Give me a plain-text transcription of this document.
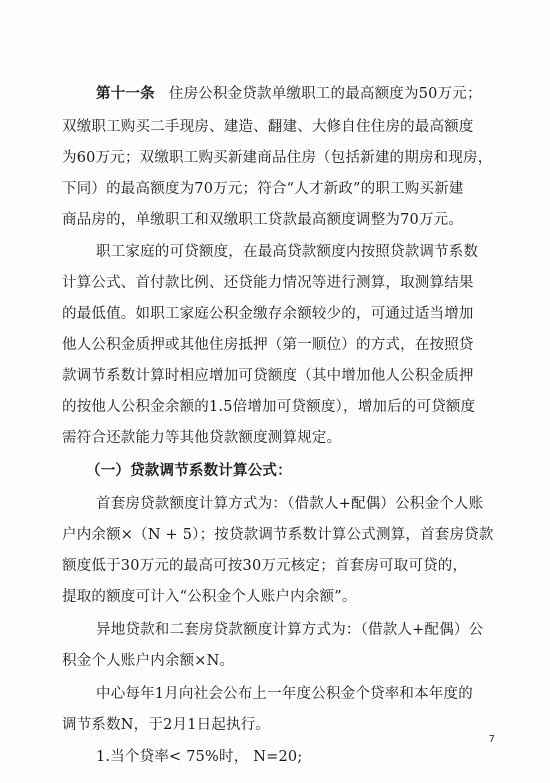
第十一条 住房公积金贷款单缴职工的最高额度为50万元；
双缴职工购买二手现房、建造、翻建、大修自住住房的最高额度
为60万元；双缴职工购买新建商品住房（包括新建的期房和现房，
下同）的最高额度为70万元；符合“人才新政”的职工购买新建
商品房的，单缴职工和双缴职工贷款最高额度调整为70万元。
职工家庭的可贷额度，在最高贷款额度内按照贷款调节系数
计算公式、首付款比例、还贷能力情况等进行测算，取测算结果
的最低值。如职工家庭公积金缴存余额较少的，可通过适当增加
他人公积金质押或其他住房抵押（第一顺位）的方式，在按照贷
款调节系数计算时相应增加可贷额度（其中增加他人公积金质押
的按他人公积金余额的1.5倍增加可贷额度），增加后的可贷额度
需符合还款能力等其他贷款额度测算规定。
（一）贷款调节系数计算公式：
首套房贷款额度计算方式为：（借款人+配偶）公积金个人账
户内余额×（N + 5）；按贷款调节系数计算公式测算，首套房贷款
额度低于30万元的最高可按30万元核定；首套房可取可贷的，
提取的额度可计入“公积金个人账户内余额”。
异地贷款和二套房贷款额度计算方式为：（借款人+配偶）公
积金个人账户内余额×N。
中心每年1月向社会公布上一年度公积金个贷率和本年度的
调节系数N，于2月1日起执行。
1.当个贷率< 75%时， N=20;
7
